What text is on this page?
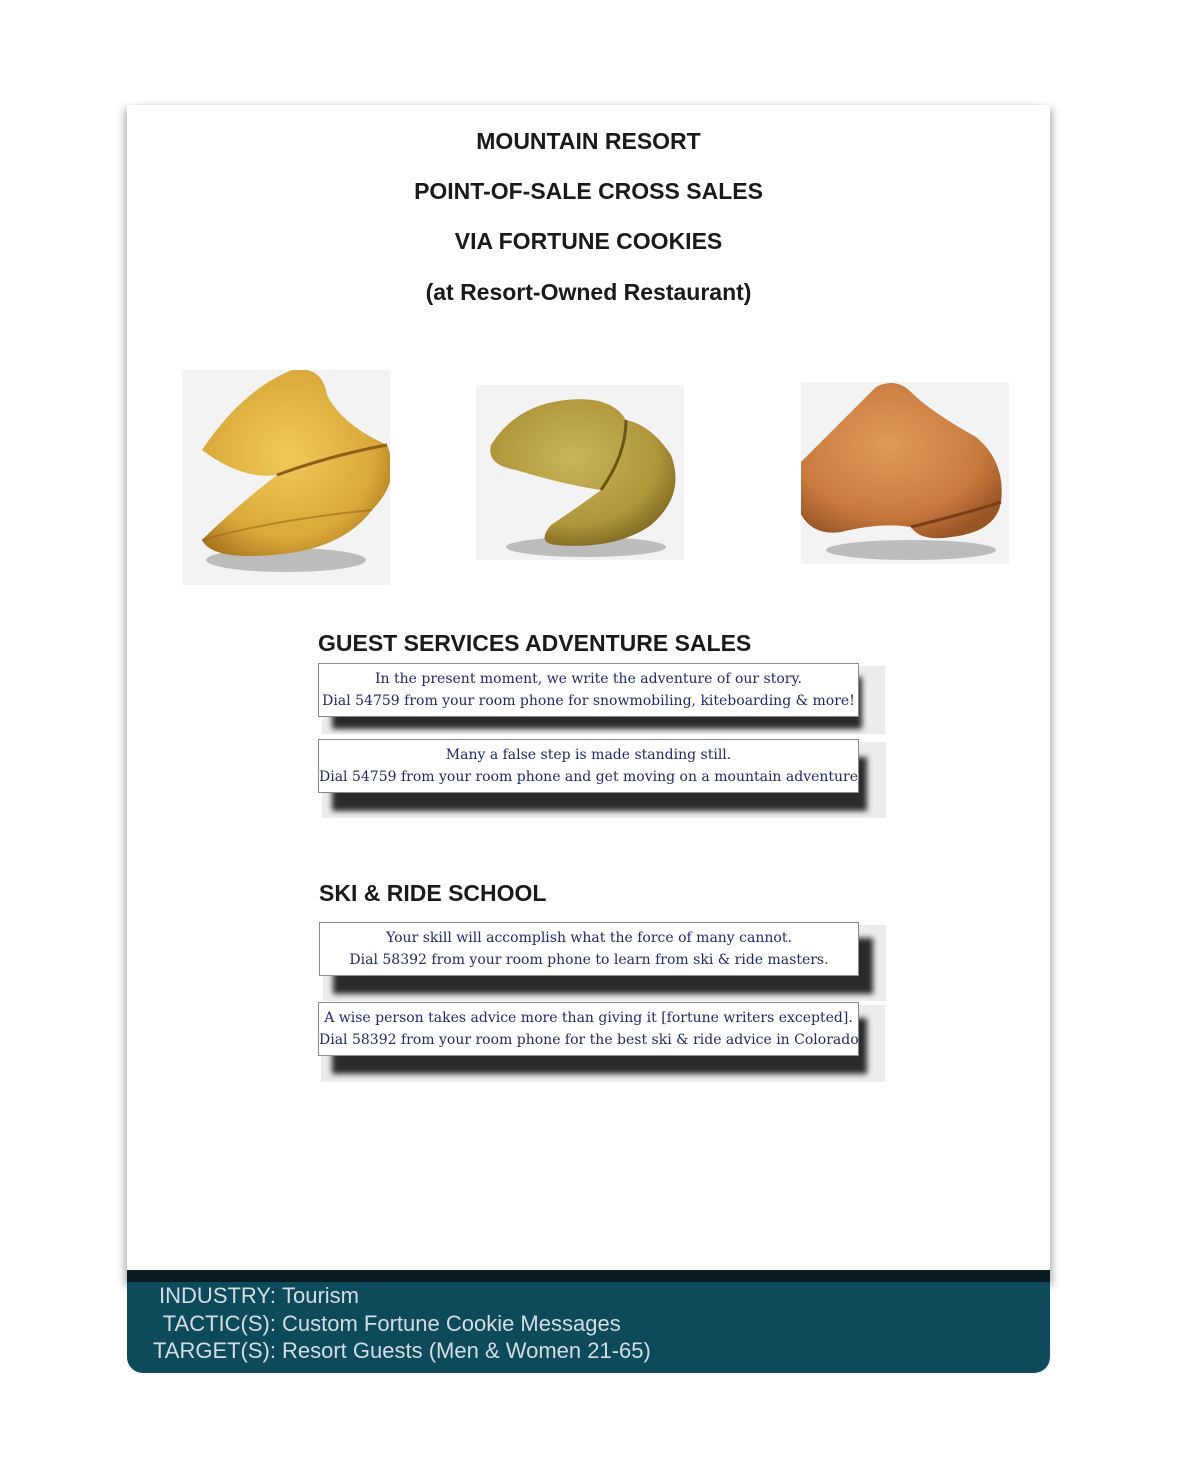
MOUNTAIN RESORT
POINT-OF-SALE CROSS SALES
VIA FORTUNE COOKIES
(at Resort-Owned Restaurant)
GUEST SERVICES ADVENTURE SALES
In the present moment, we write the adventure of our story.
Dial 54759 from your room phone for snowmobiling, kiteboarding & more!
Many a false step is made standing still.
Dial 54759 from your room phone and get moving on a mountain adventure.
SKI & RIDE SCHOOL
Your skill will accomplish what the force of many cannot.
Dial 58392 from your room phone to learn from ski & ride masters.
A wise person takes advice more than giving it [fortune writers excepted].
Dial 58392 from your room phone for the best ski & ride advice in Colorado.
INDUSTRY: Tourism
TACTIC(S): Custom Fortune Cookie Messages
TARGET(S): Resort Guests (Men & Women 21-65)
